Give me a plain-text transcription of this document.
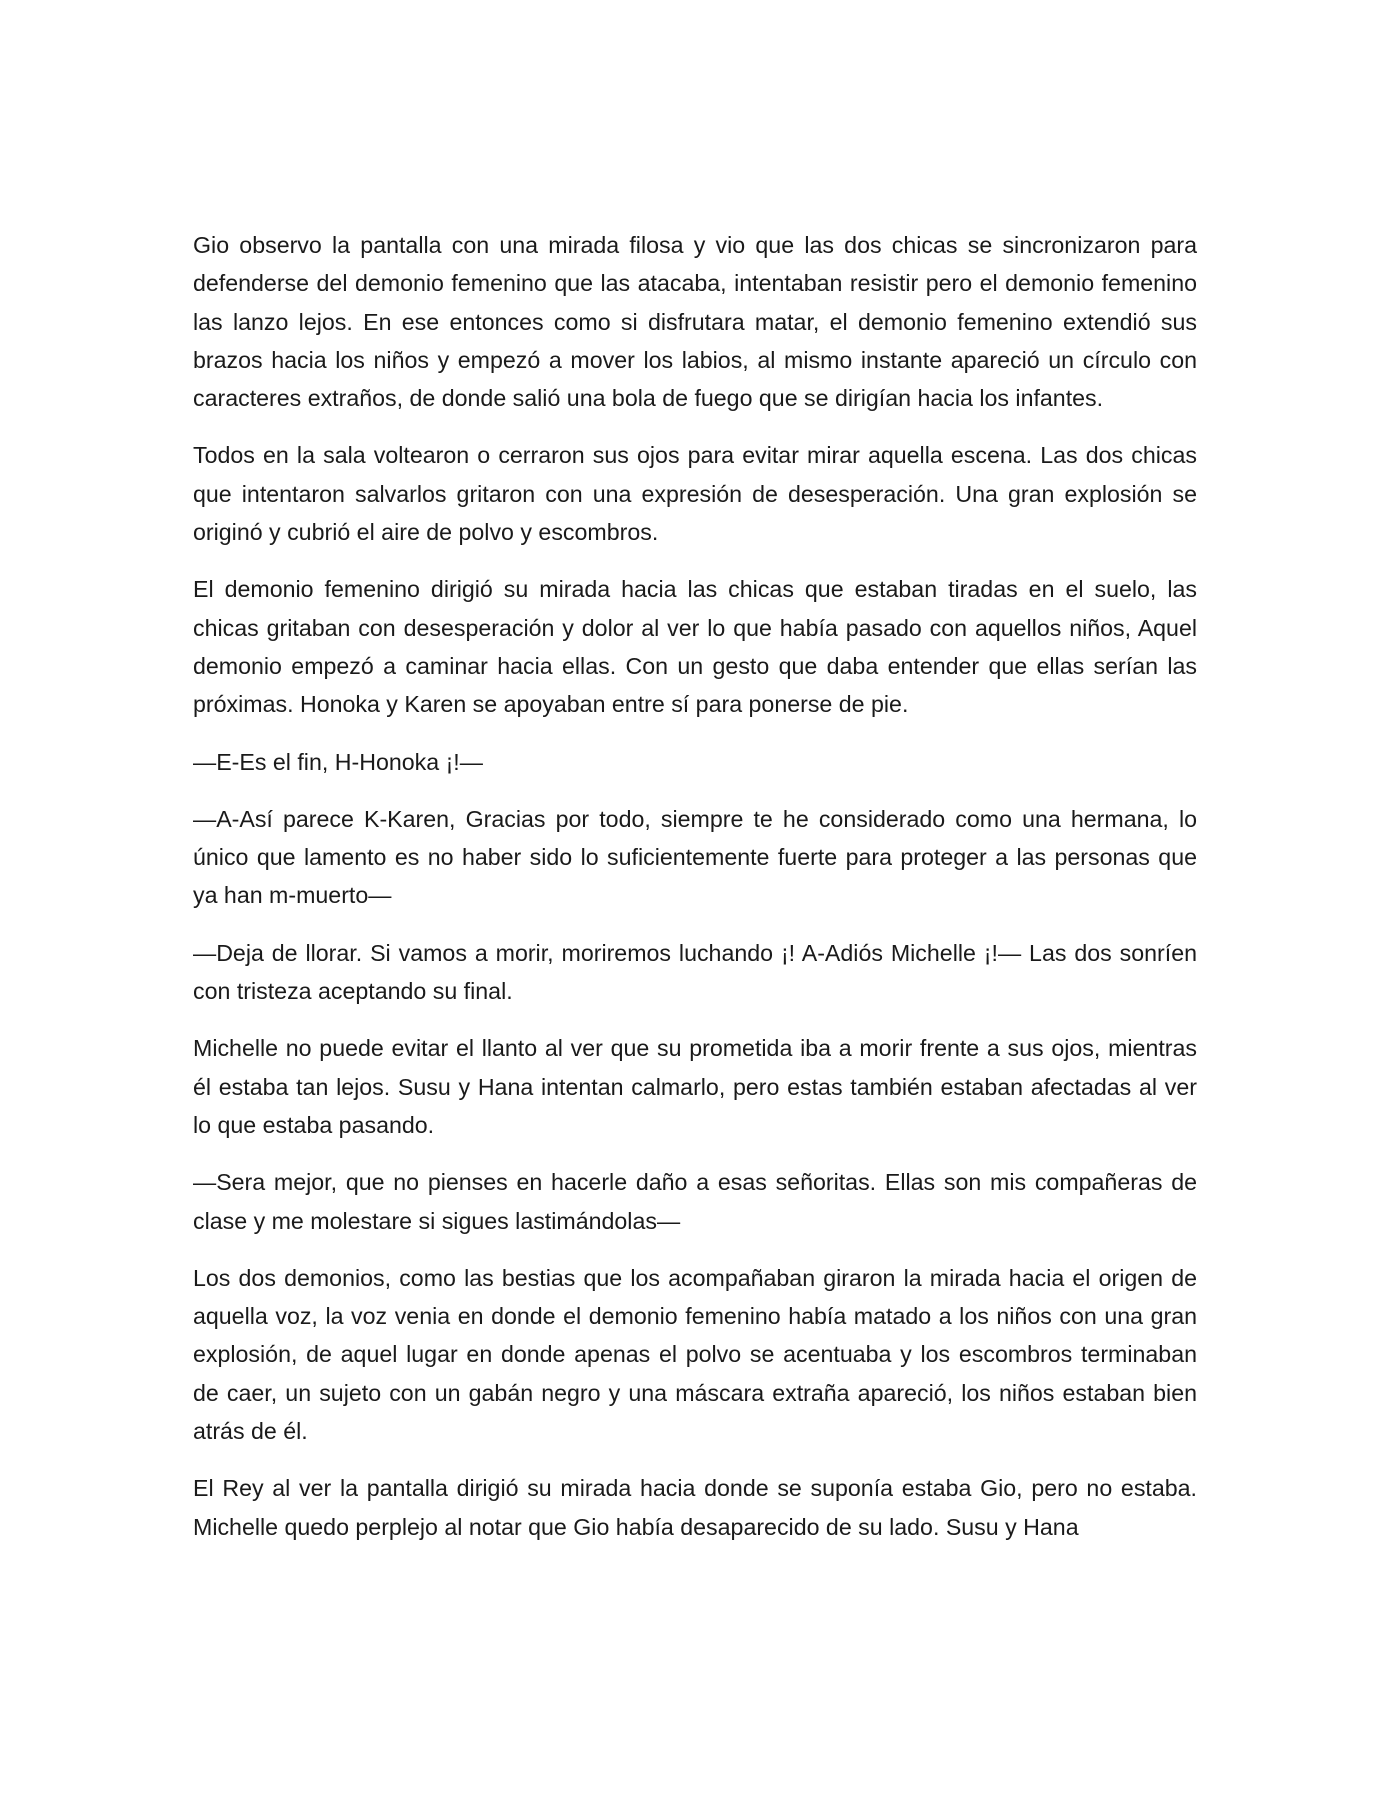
Gio observo la pantalla con una mirada filosa y vio que las dos chicas se sincronizaron para defenderse del demonio femenino que las atacaba, intentaban resistir pero el demonio femenino las lanzo lejos. En ese entonces como si disfrutara matar, el demonio femenino extendió sus brazos hacia los niños y empezó a mover los labios, al mismo instante apareció un círculo con caracteres extraños, de donde salió una bola de fuego que se dirigían hacia los infantes.

Todos en la sala voltearon o cerraron sus ojos para evitar mirar aquella escena. Las dos chicas que intentaron salvarlos gritaron con una expresión de desesperación. Una gran explosión se originó y cubrió el aire de polvo y escombros.

El demonio femenino dirigió su mirada hacia las chicas que estaban tiradas en el suelo, las chicas gritaban con desesperación y dolor al ver lo que había pasado con aquellos niños, Aquel demonio empezó a caminar hacia ellas. Con un gesto que daba entender que ellas serían las próximas. Honoka y Karen se apoyaban entre sí para ponerse de pie.

—E-Es el fin, H-Honoka ¡!—

—A-Así parece K-Karen, Gracias por todo, siempre te he considerado como una hermana, lo único que lamento es no haber sido lo suficientemente fuerte para proteger a las personas que ya han m-muerto—

—Deja de llorar. Si vamos a morir, moriremos luchando ¡! A-Adiós Michelle ¡!— Las dos sonríen con tristeza aceptando su final.

Michelle no puede evitar el llanto al ver que su prometida iba a morir frente a sus ojos, mientras él estaba tan lejos. Susu y Hana intentan calmarlo, pero estas también estaban afectadas al ver lo que estaba pasando.

—Sera mejor, que no pienses en hacerle daño a esas señoritas. Ellas son mis compañeras de clase y me molestare si sigues lastimándolas—

Los dos demonios, como las bestias que los acompañaban giraron la mirada hacia el origen de aquella voz, la voz venia en donde el demonio femenino había matado a los niños con una gran explosión, de aquel lugar en donde apenas el polvo se acentuaba y los escombros terminaban de caer, un sujeto con un gabán negro y una máscara extraña apareció, los niños estaban bien atrás de él.

El Rey al ver la pantalla dirigió su mirada hacia donde se suponía estaba Gio, pero no estaba. Michelle quedo perplejo al notar que Gio había desaparecido de su lado. Susu y Hana
